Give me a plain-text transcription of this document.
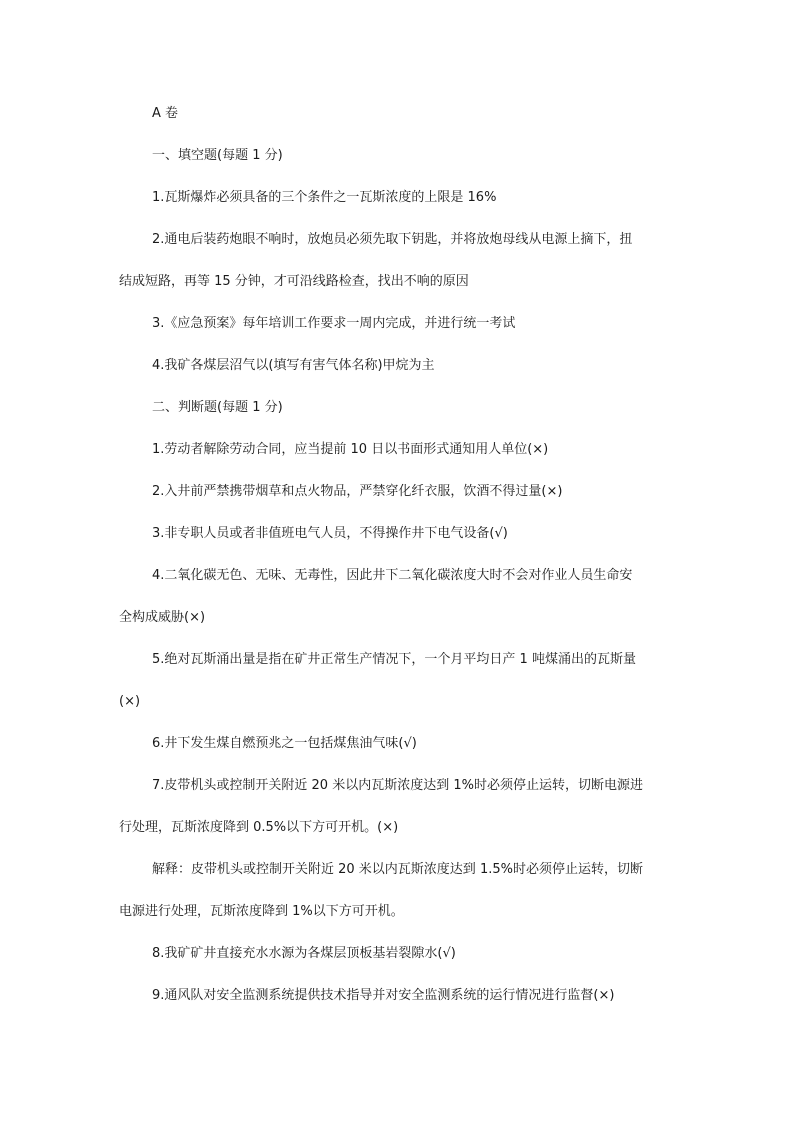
A 卷
一、填空题(每题 1 分)
1.瓦斯爆炸必须具备的三个条件之一瓦斯浓度的上限是 16%
2.通电后装药炮眼不响时，放炮员必须先取下钥匙，并将放炮母线从电源上摘下，扭
结成短路，再等 15 分钟，才可沿线路检查，找出不响的原因
3.《应急预案》每年培训工作要求一周内完成，并进行统一考试
4.我矿各煤层沼气以(填写有害气体名称)甲烷为主
二、判断题(每题 1 分)
1.劳动者解除劳动合同，应当提前 10 日以书面形式通知用人单位(×)
2.入井前严禁携带烟草和点火物品，严禁穿化纤衣服，饮酒不得过量(×)
3.非专职人员或者非值班电气人员，不得操作井下电气设备(√)
4.二氧化碳无色、无味、无毒性，因此井下二氧化碳浓度大时不会对作业人员生命安
全构成威胁(×)
5.绝对瓦斯涌出量是指在矿井正常生产情况下，一个月平均日产 1 吨煤涌出的瓦斯量
(×)
6.井下发生煤自燃预兆之一包括煤焦油气味(√)
7.皮带机头或控制开关附近 20 米以内瓦斯浓度达到 1%时必须停止运转，切断电源进
行处理，瓦斯浓度降到 0.5%以下方可开机。(×)
解释：皮带机头或控制开关附近 20 米以内瓦斯浓度达到 1.5%时必须停止运转，切断
电源进行处理，瓦斯浓度降到 1%以下方可开机。
8.我矿矿井直接充水水源为各煤层顶板基岩裂隙水(√)
9.通风队对安全监测系统提供技术指导并对安全监测系统的运行情况进行监督(×)
